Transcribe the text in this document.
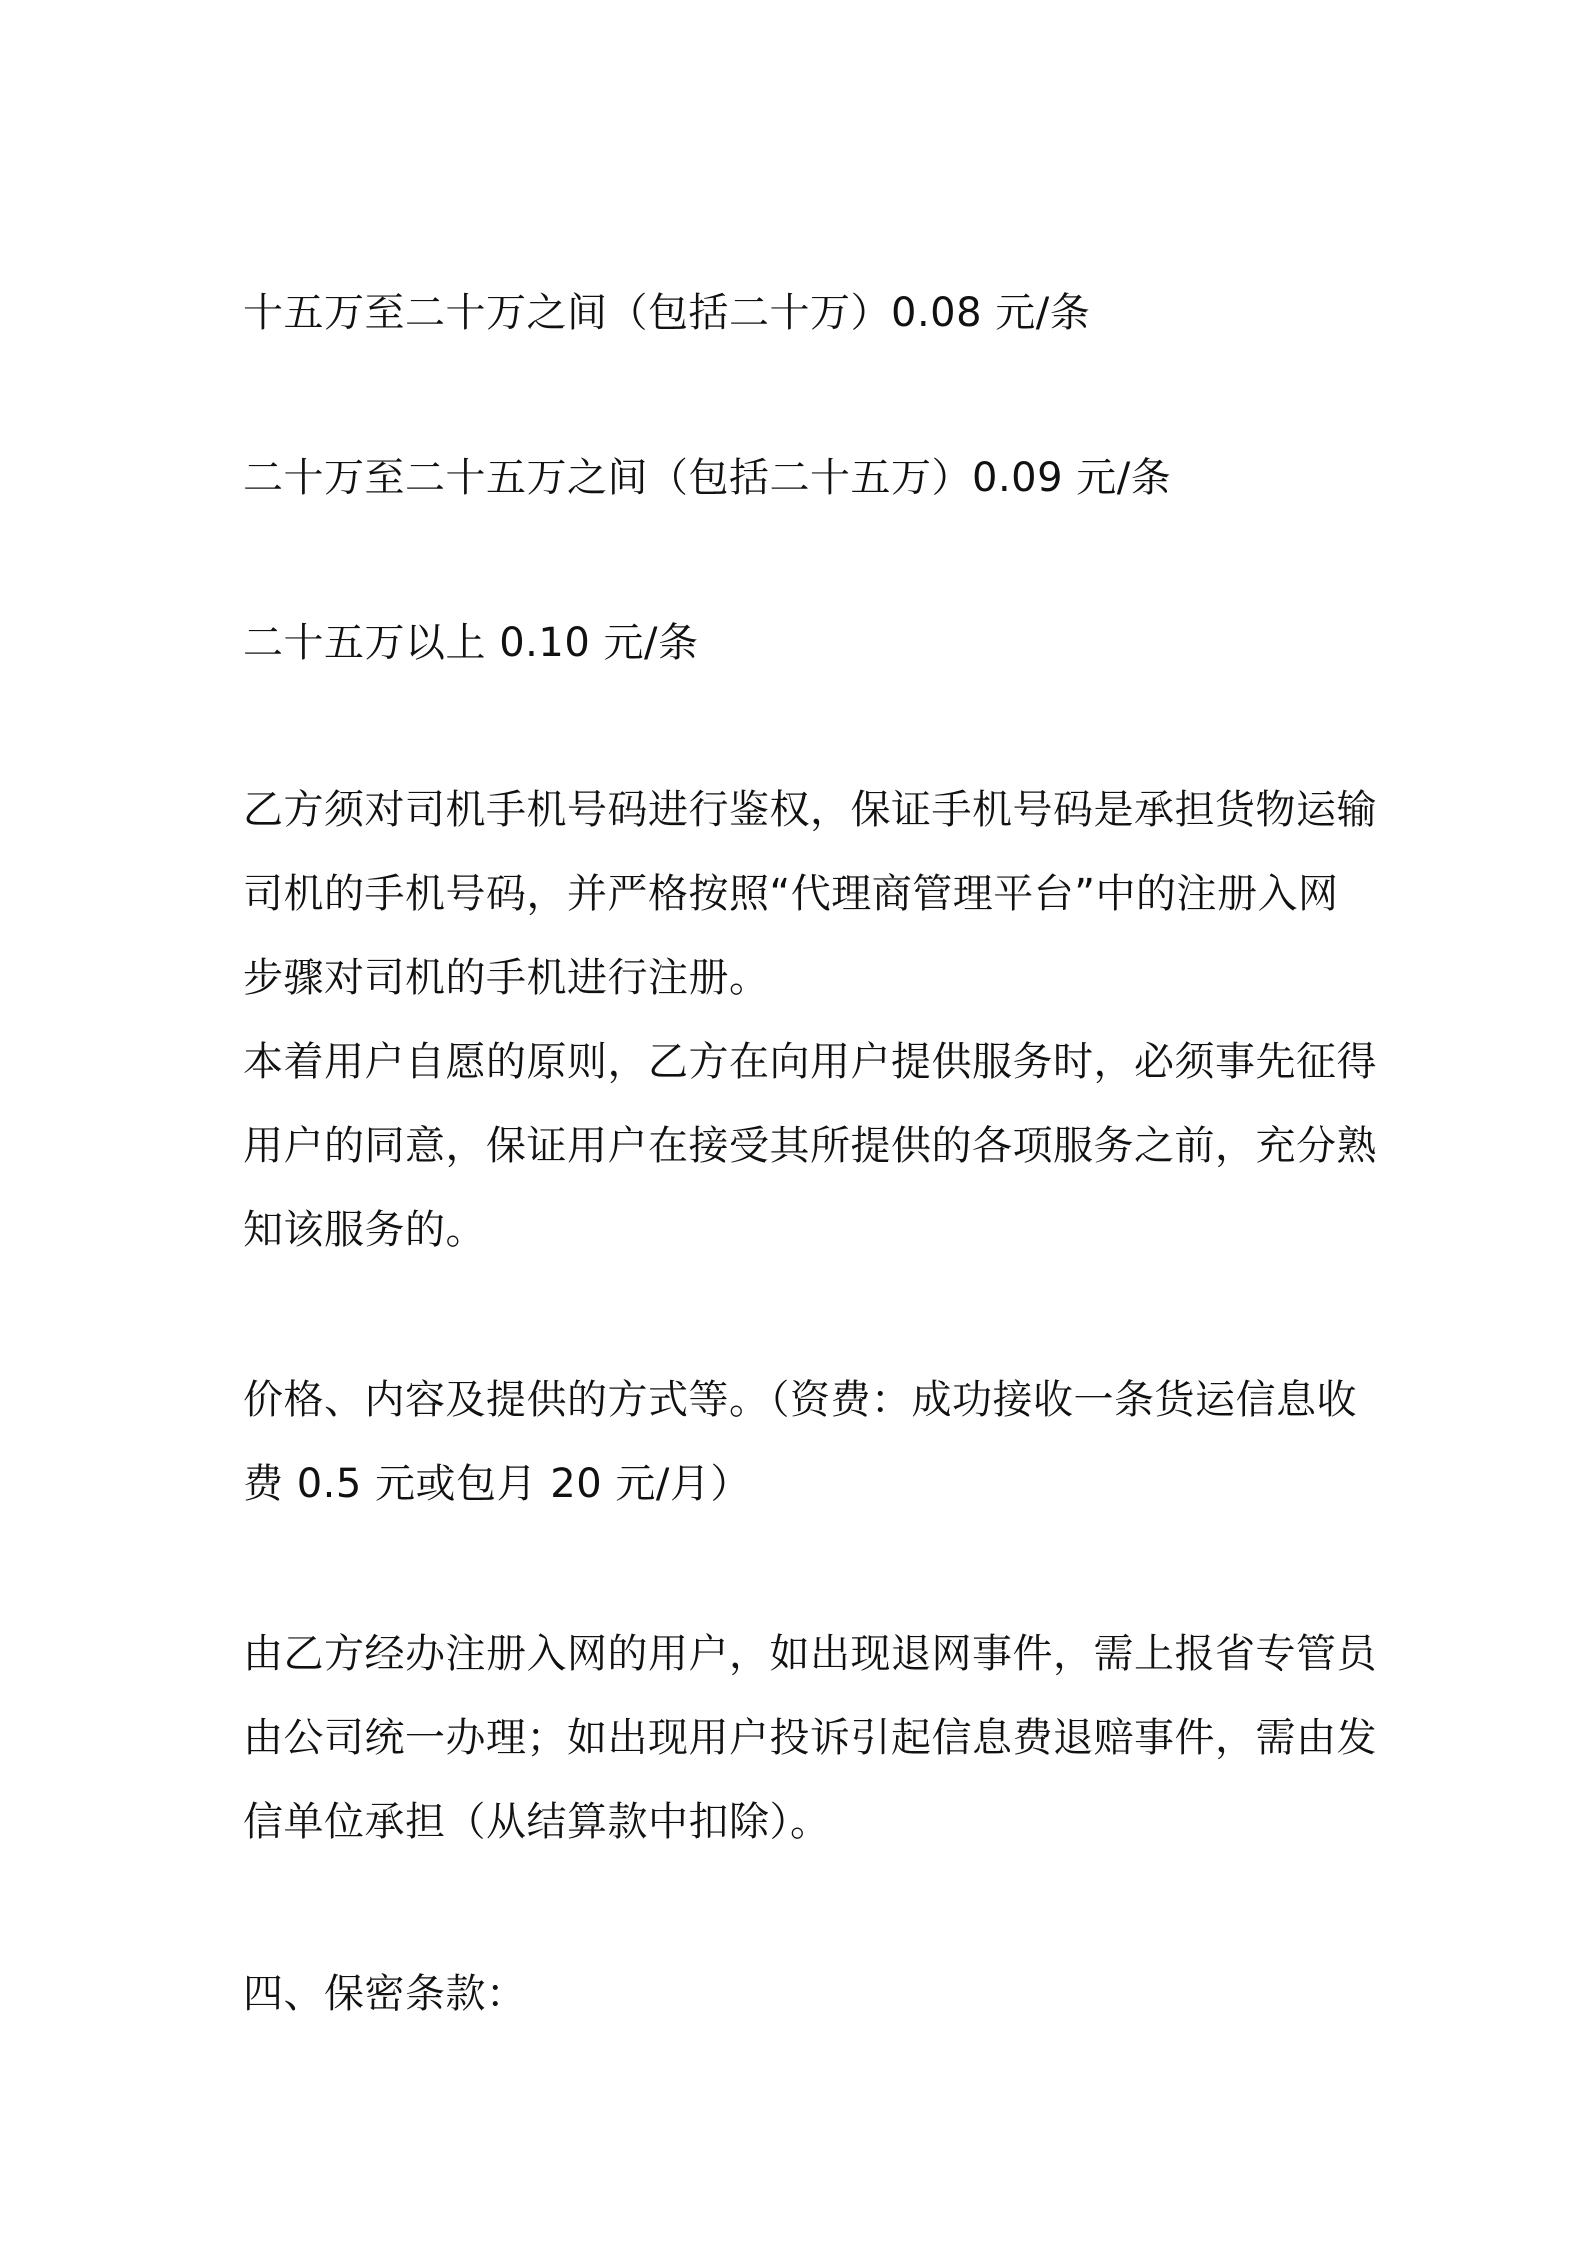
十五万至二十万之间（包括二十万）0.08 元/条
二十万至二十五万之间（包括二十五万）0.09 元/条
二十五万以上 0.10 元/条
乙方须对司机手机号码进行鉴权，保证手机号码是承担货物运输
司机的手机号码，并严格按照“代理商管理平台”中的注册入网
步骤对司机的手机进行注册。
本着用户自愿的原则，乙方在向用户提供服务时，必须事先征得
用户的同意，保证用户在接受其所提供的各项服务之前，充分熟
知该服务的。
价格、内容及提供的方式等。（资费：成功接收一条货运信息收
费 0.5 元或包月 20 元/月）
由乙方经办注册入网的用户，如出现退网事件，需上报省专管员
由公司统一办理；如出现用户投诉引起信息费退赔事件，需由发
信单位承担（从结算款中扣除）。
四、保密条款：
